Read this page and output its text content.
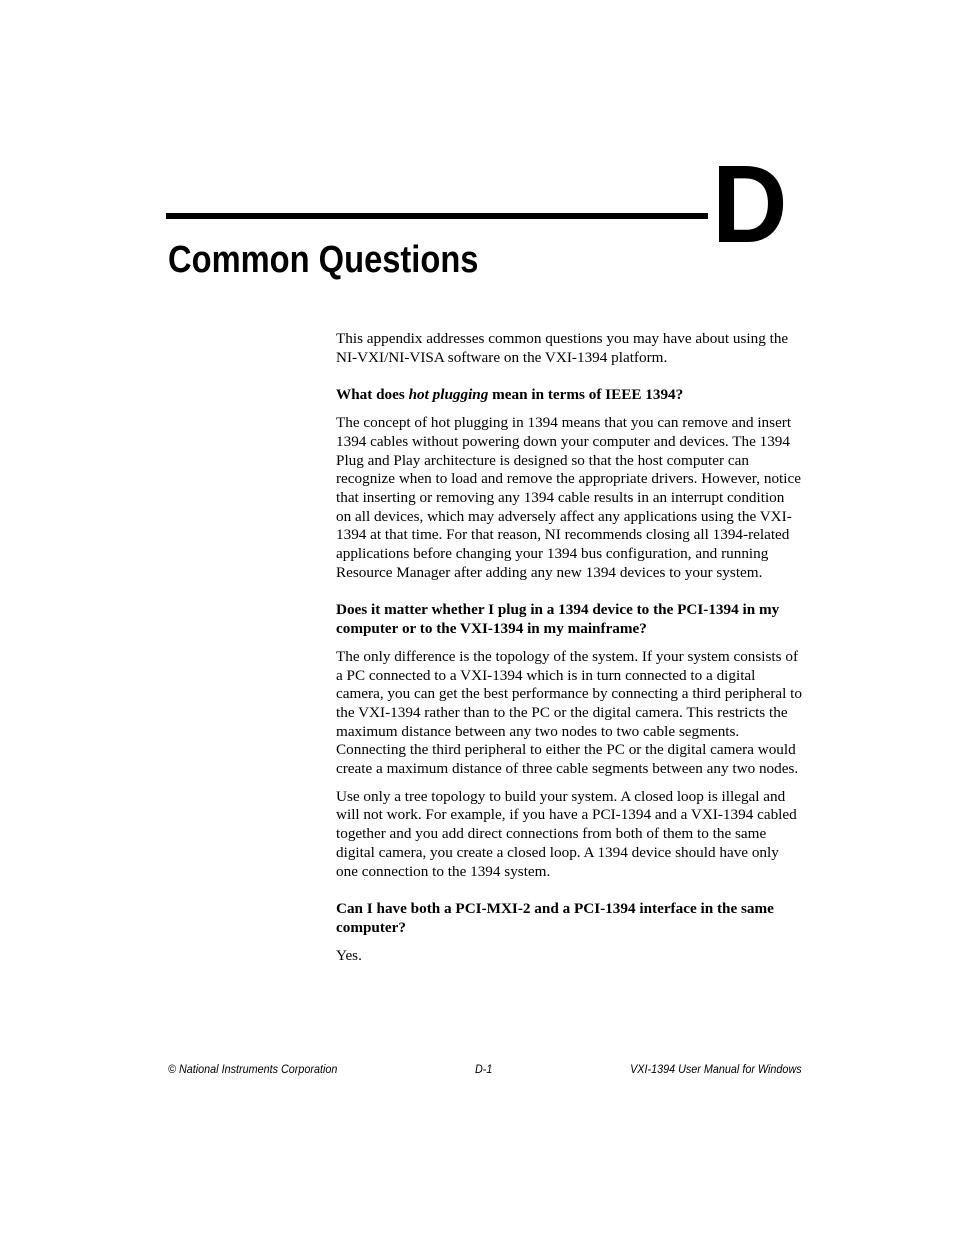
D
Common Questions

This appendix addresses common questions you may have about using the NI-VXI/NI-VISA software on the VXI-1394 platform.

What does hot plugging mean in terms of IEEE 1394?

The concept of hot plugging in 1394 means that you can remove and insert 1394 cables without powering down your computer and devices. The 1394 Plug and Play architecture is designed so that the host computer can recognize when to load and remove the appropriate drivers. However, notice that inserting or removing any 1394 cable results in an interrupt condition on all devices, which may adversely affect any applications using the VXI-1394 at that time. For that reason, NI recommends closing all 1394-related applications before changing your 1394 bus configuration, and running Resource Manager after adding any new 1394 devices to your system.

Does it matter whether I plug in a 1394 device to the PCI-1394 in my computer or to the VXI-1394 in my mainframe?

The only difference is the topology of the system. If your system consists of a PC connected to a VXI-1394 which is in turn connected to a digital camera, you can get the best performance by connecting a third peripheral to the VXI-1394 rather than to the PC or the digital camera. This restricts the maximum distance between any two nodes to two cable segments. Connecting the third peripheral to either the PC or the digital camera would create a maximum distance of three cable segments between any two nodes.

Use only a tree topology to build your system. A closed loop is illegal and will not work. For example, if you have a PCI-1394 and a VXI-1394 cabled together and you add direct connections from both of them to the same digital camera, you create a closed loop. A 1394 device should have only one connection to the 1394 system.

Can I have both a PCI-MXI-2 and a PCI-1394 interface in the same computer?

Yes.

© National Instruments Corporation	D-1	VXI-1394 User Manual for Windows
